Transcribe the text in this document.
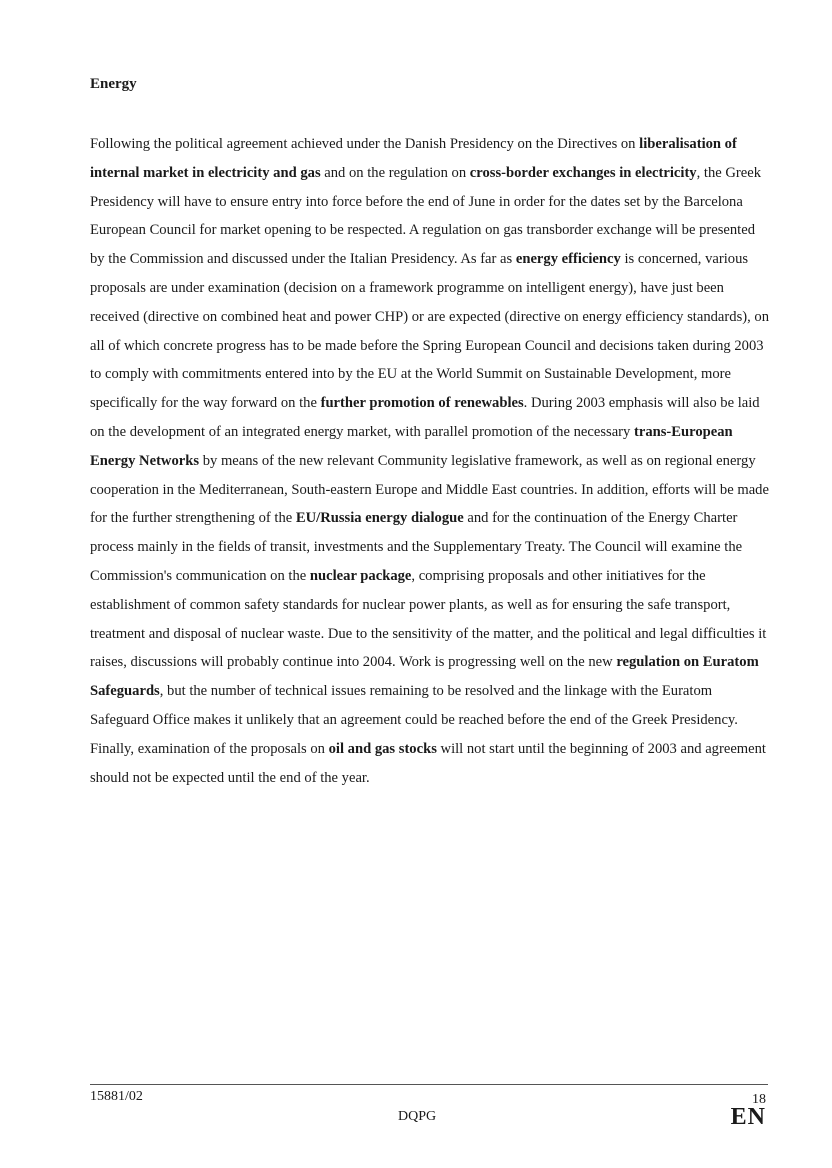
Energy

Following the political agreement achieved under the Danish Presidency on the Directives on liberalisation of internal market in electricity and gas and on the regulation on cross-border exchanges in electricity, the Greek Presidency will have to ensure entry into force before the end of June in order for the dates set by the Barcelona European Council for market opening to be respected. A regulation on gas transborder exchange will be presented by the Commission and discussed under the Italian Presidency. As far as energy efficiency is concerned, various proposals are under examination (decision on a framework programme on intelligent energy), have just been received (directive on combined heat and power CHP) or are expected (directive on energy efficiency standards), on all of which concrete progress has to be made before the Spring European Council and decisions taken during 2003 to comply with commitments entered into by the EU at the World Summit on Sustainable Development, more specifically for the way forward on the further promotion of renewables. During 2003 emphasis will also be laid on the development of an integrated energy market, with parallel promotion of the necessary trans-European Energy Networks by means of the new relevant Community legislative framework, as well as on regional energy cooperation in the Mediterranean, South-eastern Europe and Middle East countries. In addition, efforts will be made for the further strengthening of the EU/Russia energy dialogue and for the continuation of the Energy Charter process mainly in the fields of transit, investments and the Supplementary Treaty. The Council will examine the Commission's communication on the nuclear package, comprising proposals and other initiatives for the establishment of common safety standards for nuclear power plants, as well as for ensuring the safe transport, treatment and disposal of nuclear waste. Due to the sensitivity of the matter, and the political and legal difficulties it raises, discussions will probably continue into 2004. Work is progressing well on the new regulation on Euratom Safeguards, but the number of technical issues remaining to be resolved and the linkage with the Euratom Safeguard Office makes it unlikely that an agreement could be reached before the end of the Greek Presidency. Finally, examination of the proposals on oil and gas stocks will not start until the beginning of 2003 and agreement should not be expected until the end of the year.

15881/02	18
DQPG	EN
